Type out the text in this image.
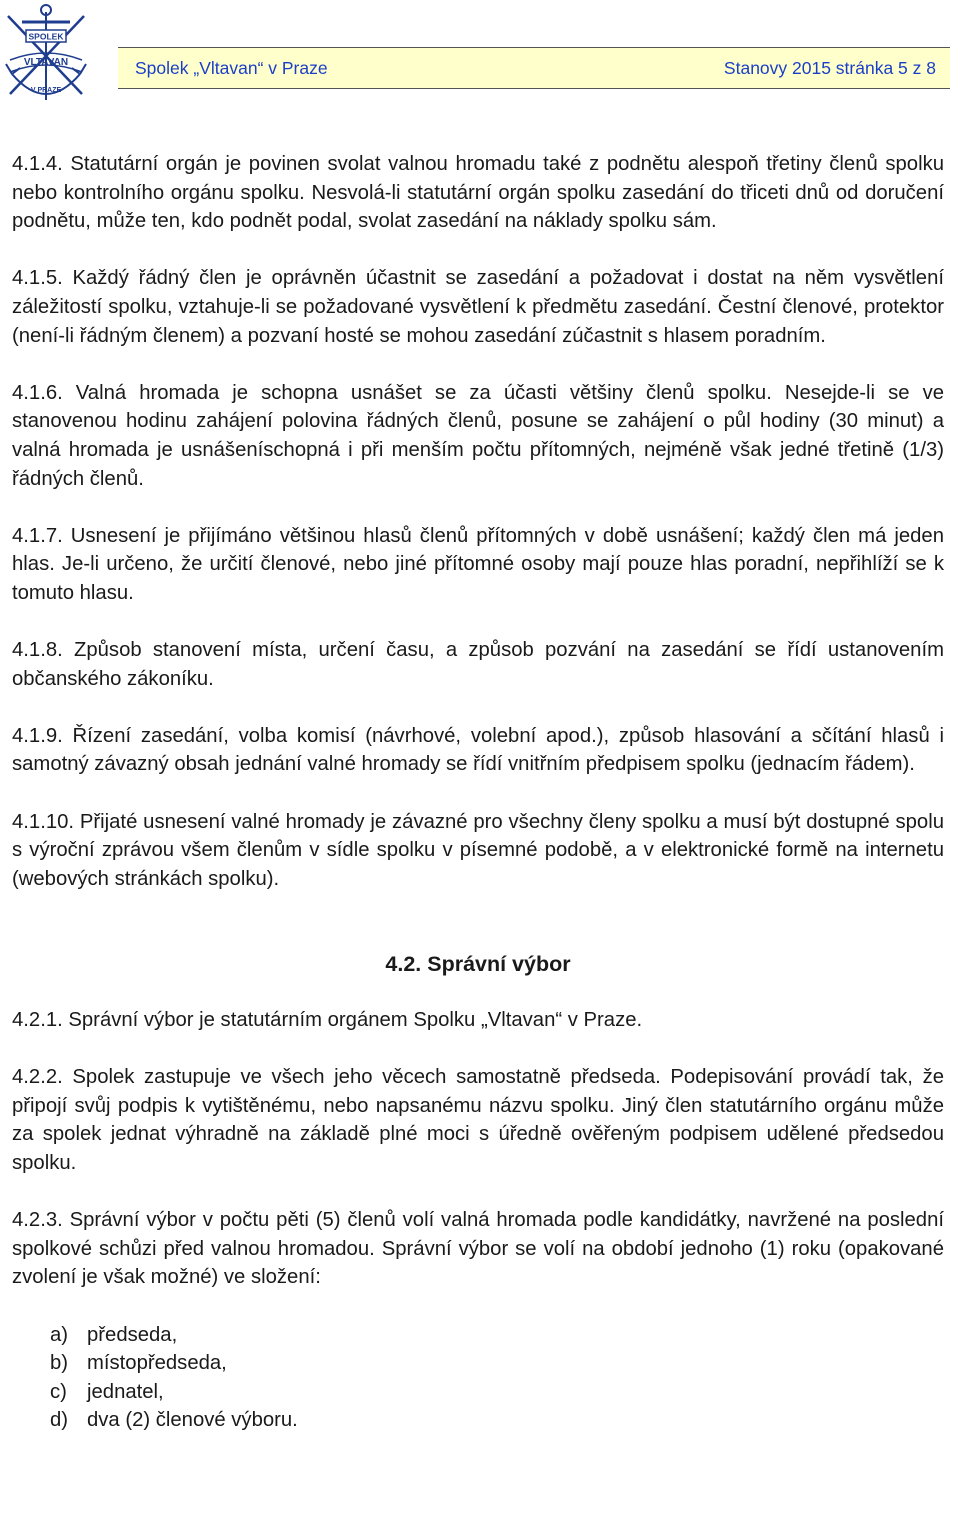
SPOLEK
VLTAVAN
V PRAZE
Spolek „Vltavan“ v Praze	Stanovy 2015 stránka 5 z 8

4.1.4. Statutární orgán je povinen svolat valnou hromadu také z podnětu alespoň třetiny členů spolku nebo kontrolního orgánu spolku. Nesvolá-li statutární orgán spolku zasedání do třiceti dnů od doručení podnětu, může ten, kdo podnět podal, svolat zasedání na náklady spolku sám.

4.1.5. Každý řádný člen je oprávněn účastnit se zasedání a požadovat i dostat na něm vysvětlení záležitostí spolku, vztahuje-li se požadované vysvětlení k předmětu zasedání. Čestní členové, protektor (není-li řádným členem) a pozvaní hosté se mohou zasedání zúčastnit s hlasem poradním.

4.1.6. Valná hromada je schopna usnášet se za účasti většiny členů spolku. Nesejde-li se ve stanovenou hodinu zahájení polovina řádných členů, posune se zahájení o půl hodiny (30 minut) a valná hromada je usnášeníschopná i při menším počtu přítomných, nejméně však jedné třetině (1/3) řádných členů.

4.1.7. Usnesení je přijímáno většinou hlasů členů přítomných v době usnášení; každý člen má jeden hlas. Je-li určeno, že určití členové, nebo jiné přítomné osoby mají pouze hlas poradní, nepřihlíží se k tomuto hlasu.

4.1.8. Způsob stanovení místa, určení času, a způsob pozvání na zasedání se řídí ustanovením občanského zákoníku.

4.1.9. Řízení zasedání, volba komisí (návrhové, volební apod.), způsob hlasování a sčítání hlasů i samotný závazný obsah jednání valné hromady se řídí vnitřním předpisem spolku (jednacím řádem).

4.1.10. Přijaté usnesení valné hromady je závazné pro všechny členy spolku a musí být dostupné spolu s výroční zprávou všem členům v sídle spolku v písemné podobě, a v elektronické formě na internetu (webových stránkách spolku).

4.2. Správní výbor

4.2.1. Správní výbor je statutárním orgánem Spolku „Vltavan“ v Praze.

4.2.2. Spolek zastupuje ve všech jeho věcech samostatně předseda. Podepisování provádí tak, že připojí svůj podpis k vytištěnému, nebo napsanému názvu spolku. Jiný člen statutárního orgánu může za spolek jednat výhradně na základě plné moci s úředně ověřeným podpisem udělené předsedou spolku.

4.2.3. Správní výbor v počtu pěti (5) členů volí valná hromada podle kandidátky, navržené na poslední spolkové schůzi před valnou hromadou. Správní výbor se volí na období jednoho (1) roku (opakované zvolení je však možné) ve složení:

a) předseda,
b) místopředseda,
c) jednatel,
d) dva (2) členové výboru.
